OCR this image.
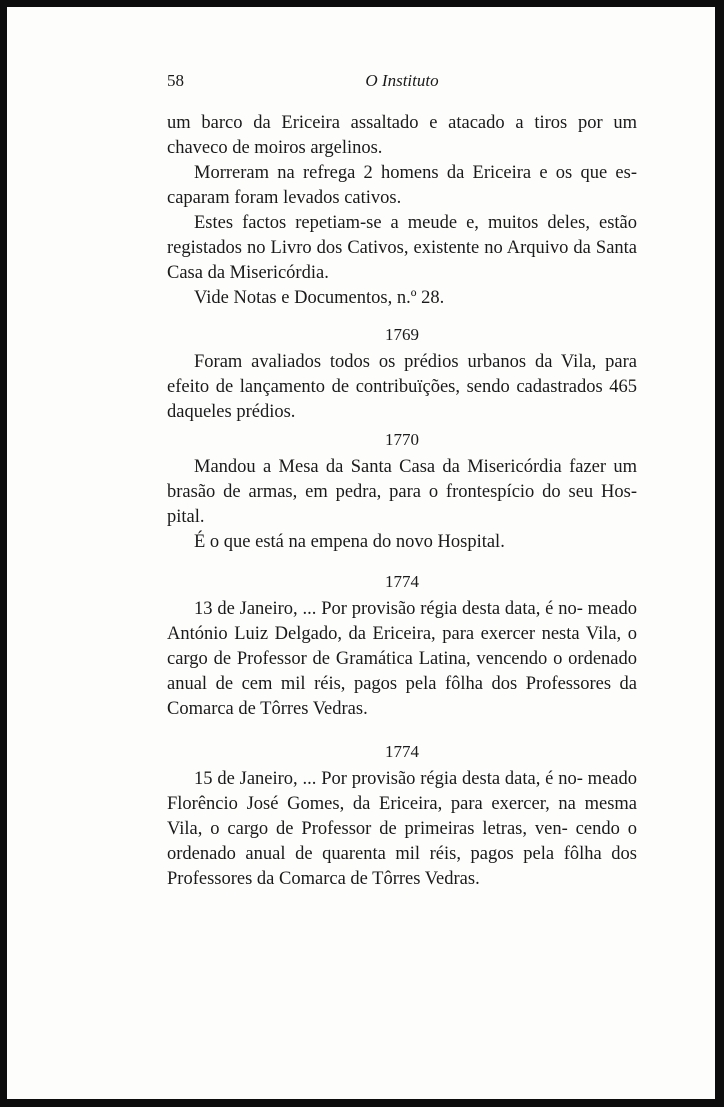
58	O Instituto

um barco da Ericeira assaltado e atacado a tiros por um chaveco de moiros argelinos.

Morreram na refrega 2 homens da Ericeira e os que es- caparam foram levados cativos.

Estes factos repetiam-se a meude e, muitos deles, estão registados no Livro dos Cativos, existente no Arquivo da Santa Casa da Misericórdia.

Vide Notas e Documentos, n.º 28.

1769

Foram avaliados todos os prédios urbanos da Vila, para efeito de lançamento de contribuïções, sendo cadastrados 465 daqueles prédios.

1770

Mandou a Mesa da Santa Casa da Misericórdia fazer um brasão de armas, em pedra, para o frontespício do seu Hos- pital.

É o que está na empena do novo Hospital.

1774

13 de Janeiro, ... Por provisão régia desta data, é no- meado António Luiz Delgado, da Ericeira, para exercer nesta Vila, o cargo de Professor de Gramática Latina, vencendo o ordenado anual de cem mil réis, pagos pela fôlha dos Professores da Comarca de Tôrres Vedras.

1774

15 de Janeiro, ... Por provisão régia desta data, é no- meado Florêncio José Gomes, da Ericeira, para exercer, na mesma Vila, o cargo de Professor de primeiras letras, ven- cendo o ordenado anual de quarenta mil réis, pagos pela fôlha dos Professores da Comarca de Tôrres Vedras.
